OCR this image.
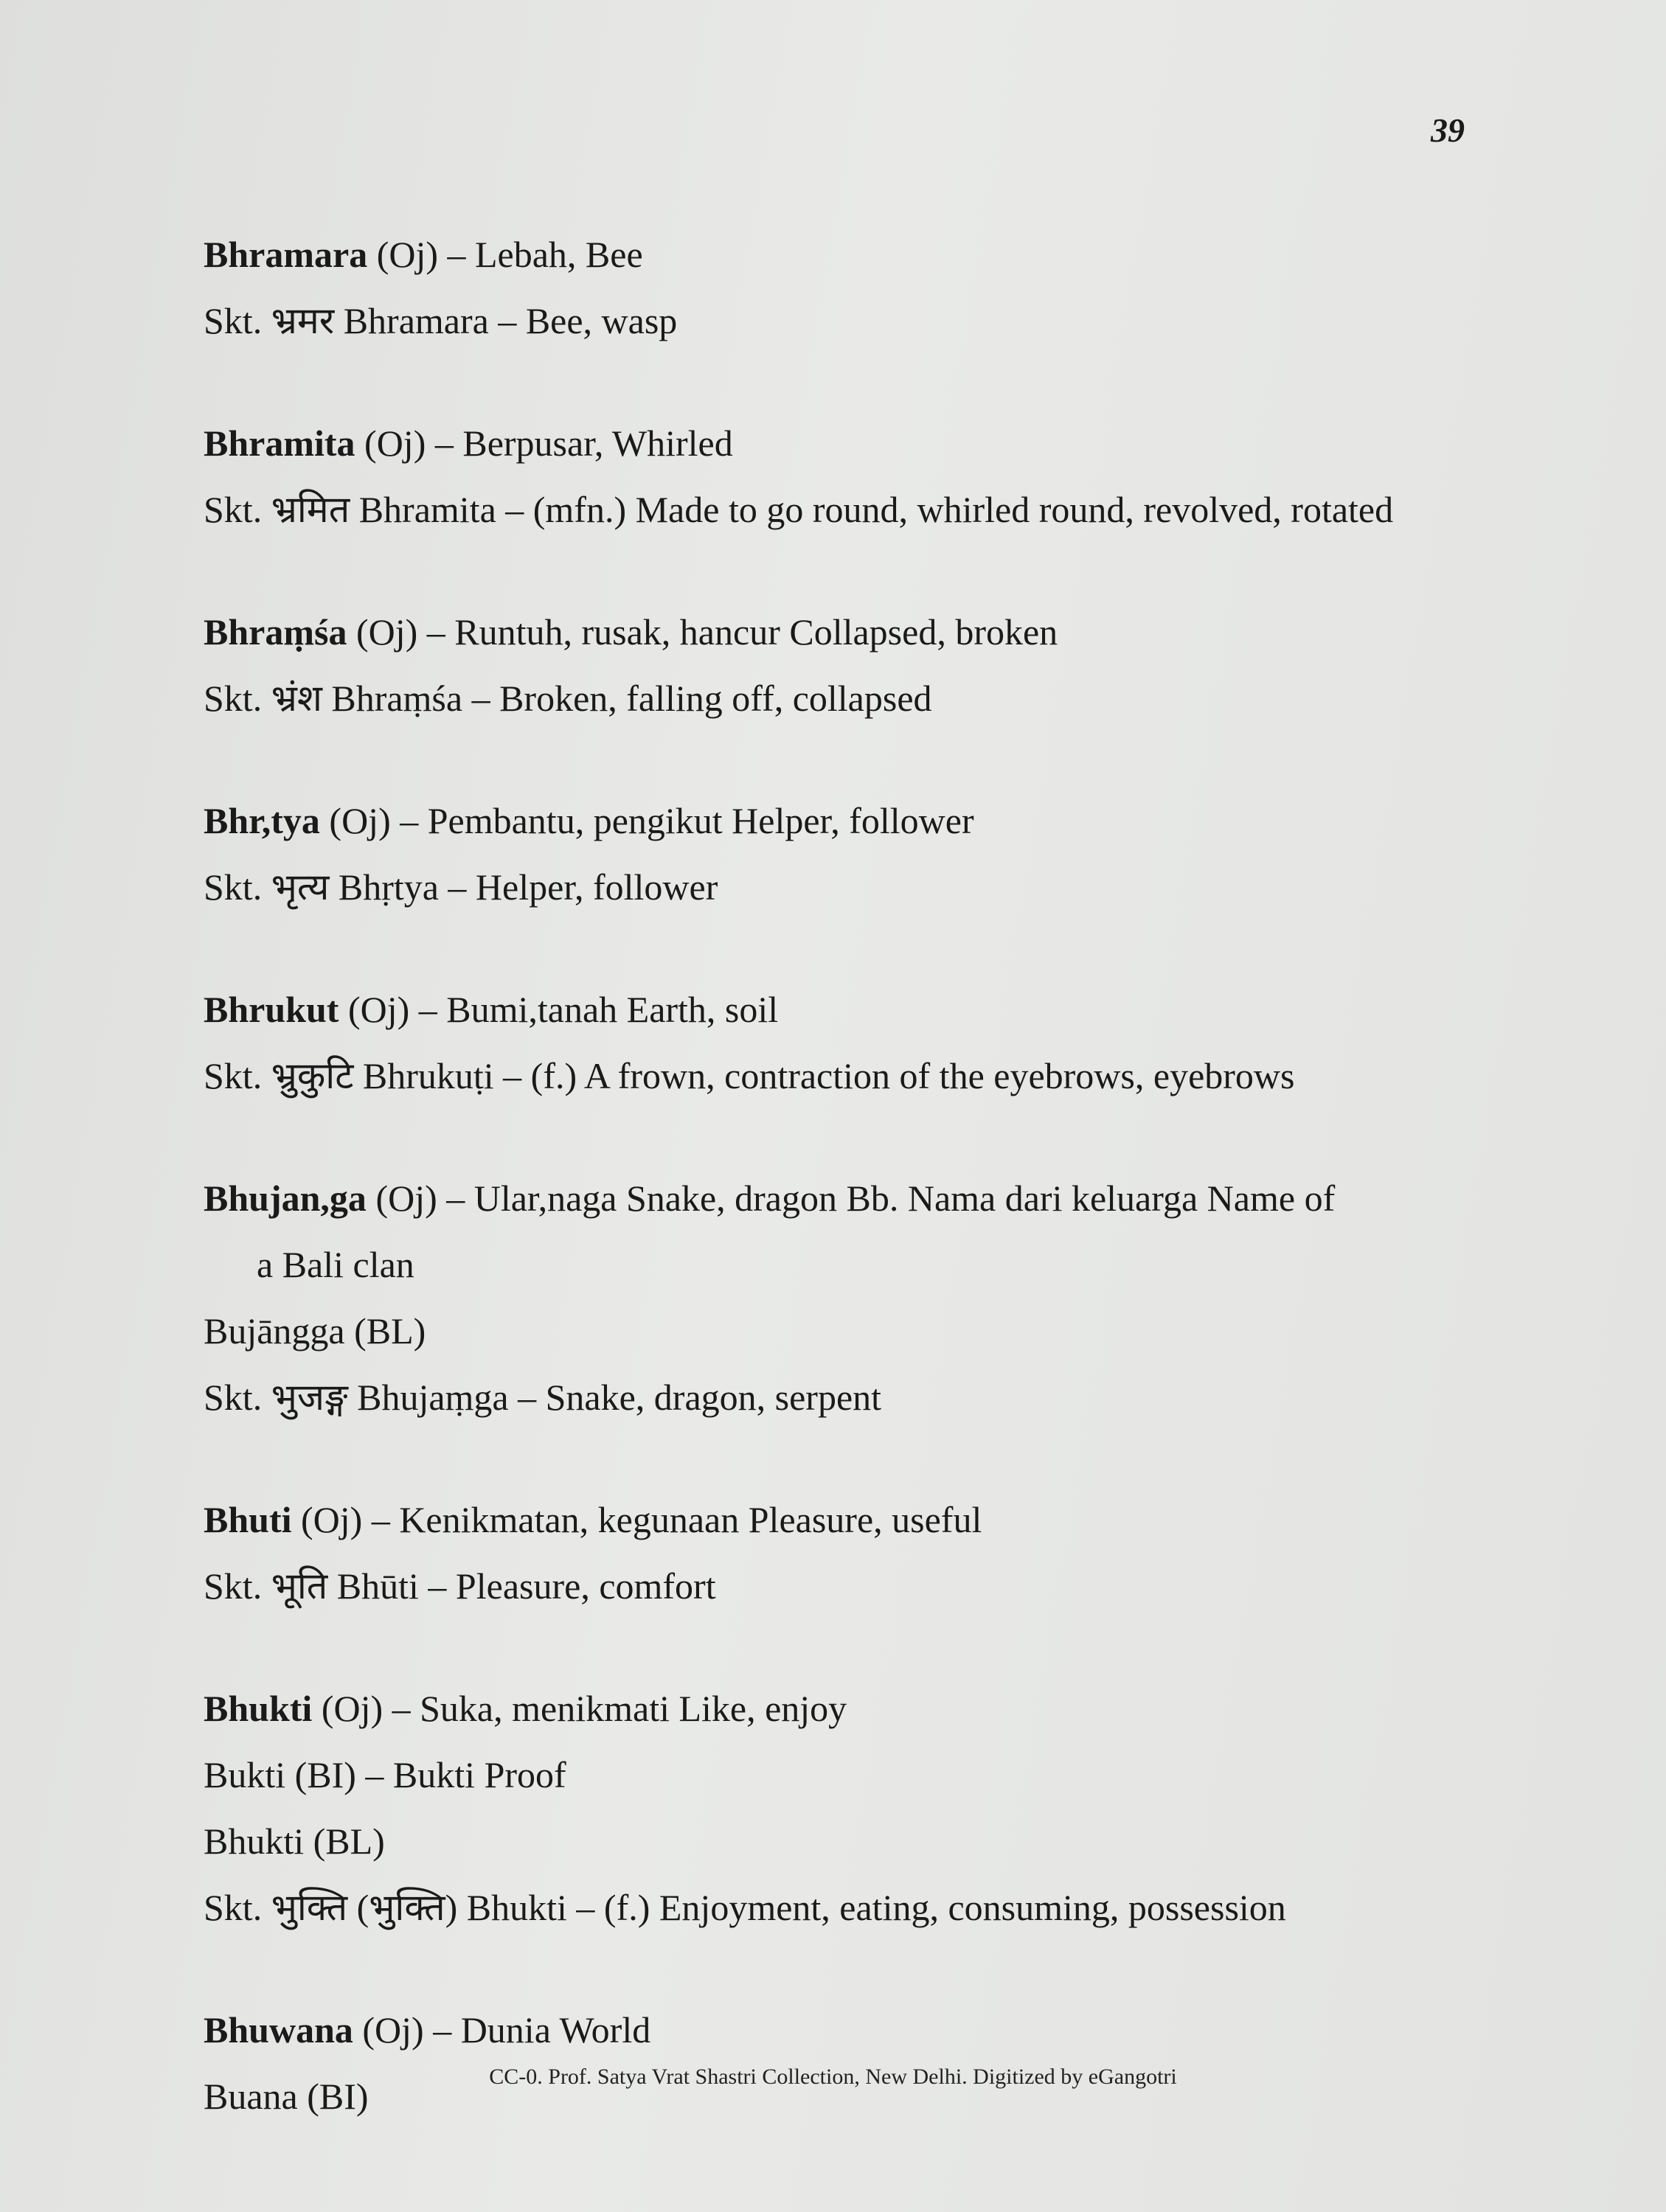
39
Bhramara (Oj) – Lebah, Bee
Skt. भ्रमर Bhramara – Bee, wasp
Bhramita (Oj) – Berpusar, Whirled
Skt. भ्रमित Bhramita – (mfn.) Made to go round, whirled round, revolved, rotated
Bhraṃśa (Oj) – Runtuh, rusak, hancur Collapsed, broken
Skt. भ्रंश Bhraṃśa – Broken, falling off, collapsed
Bhr,tya (Oj) – Pembantu, pengikut Helper, follower
Skt. भृत्य Bhṛtya – Helper, follower
Bhrukut (Oj) – Bumi,tanah Earth, soil
Skt. भ्रुकुटि Bhrukuṭi – (f.) A frown, contraction of the eyebrows, eyebrows
Bhujan,ga (Oj) – Ular,naga Snake, dragon Bb. Nama dari keluarga Name of
a Bali clan
Bujāngga (BL)
Skt. भुजङ्ग Bhujaṃga – Snake, dragon, serpent
Bhuti (Oj) – Kenikmatan, kegunaan Pleasure, useful
Skt. भूति Bhūti – Pleasure, comfort
Bhukti (Oj) – Suka, menikmati Like, enjoy
Bukti (BI) – Bukti Proof
Bhukti (BL)
Skt. भुक्ति (भुक्ति) Bhukti – (f.) Enjoyment, eating, consuming, possession
Bhuwana (Oj) – Dunia World
Buana (BI)	CC-0. Prof. Satya Vrat Shastri Collection, New Delhi. Digitized by eGangotri
